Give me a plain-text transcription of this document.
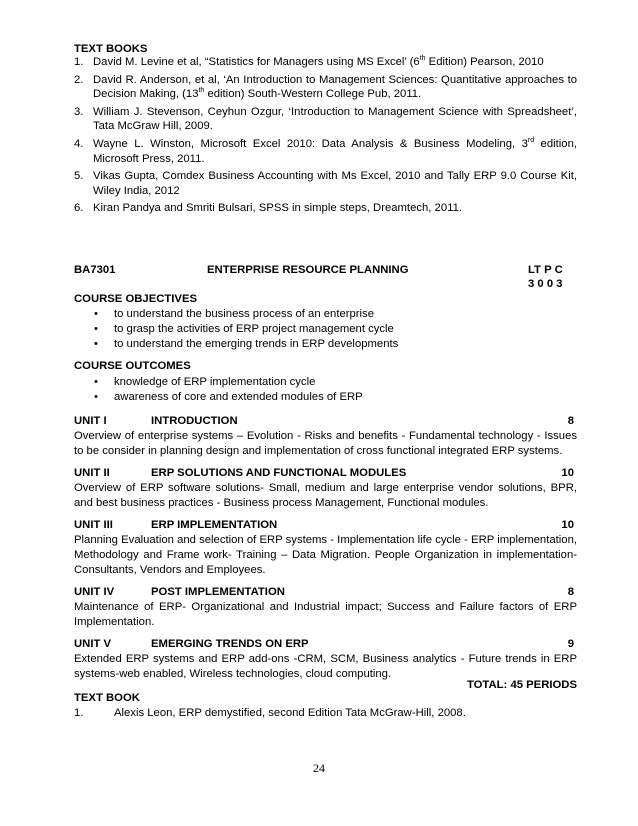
TEXT BOOKS
1. David M. Levine et al, “Statistics for Managers using MS Excel’ (6th Edition) Pearson, 2010
2. David R. Anderson, et al, ‘An Introduction to Management Sciences: Quantitative approaches to Decision Making, (13th edition) South-Western College Pub, 2011.
3. William J. Stevenson, Ceyhun Ozgur, ‘Introduction to Management Science with Spreadsheet’, Tata McGraw Hill, 2009.
4. Wayne L. Winston, Microsoft Excel 2010: Data Analysis & Business Modeling, 3rd edition, Microsoft Press, 2011.
5. Vikas Gupta, Comdex Business Accounting with Ms Excel, 2010 and Tally ERP 9.0 Course Kit, Wiley India, 2012
6. Kiran Pandya and Smriti Bulsari, SPSS in simple steps, Dreamtech, 2011.
BA7301	ENTERPRISE RESOURCE PLANNING	LT P C
3 0 0 3
COURSE OBJECTIVES
• to understand the business process of an enterprise
• to grasp the activities of ERP project management cycle
• to understand the emerging trends in ERP developments
COURSE OUTCOMES
• knowledge of ERP implementation cycle
• awareness of core and extended modules of ERP
UNIT I	INTRODUCTION	8
Overview of enterprise systems – Evolution - Risks and benefits - Fundamental technology - Issues to be consider in planning design and implementation of cross functional integrated ERP systems.
UNIT II	ERP SOLUTIONS AND FUNCTIONAL MODULES	10
Overview of ERP software solutions- Small, medium and large enterprise vendor solutions, BPR, and best business practices - Business process Management, Functional modules.
UNIT III	ERP IMPLEMENTATION	10
Planning Evaluation and selection of ERP systems - Implementation life cycle - ERP implementation, Methodology and Frame work- Training – Data Migration. People Organization in implementation-Consultants, Vendors and Employees.
UNIT IV	POST IMPLEMENTATION	8
Maintenance of ERP- Organizational and Industrial impact; Success and Failure factors of ERP Implementation.
UNIT V	EMERGING TRENDS ON ERP	9
Extended ERP systems and ERP add-ons -CRM, SCM, Business analytics - Future trends in ERP systems-web enabled, Wireless technologies, cloud computing.
TOTAL: 45 PERIODS
TEXT BOOK
1.	Alexis Leon, ERP demystified, second Edition Tata McGraw-Hill, 2008.
24
